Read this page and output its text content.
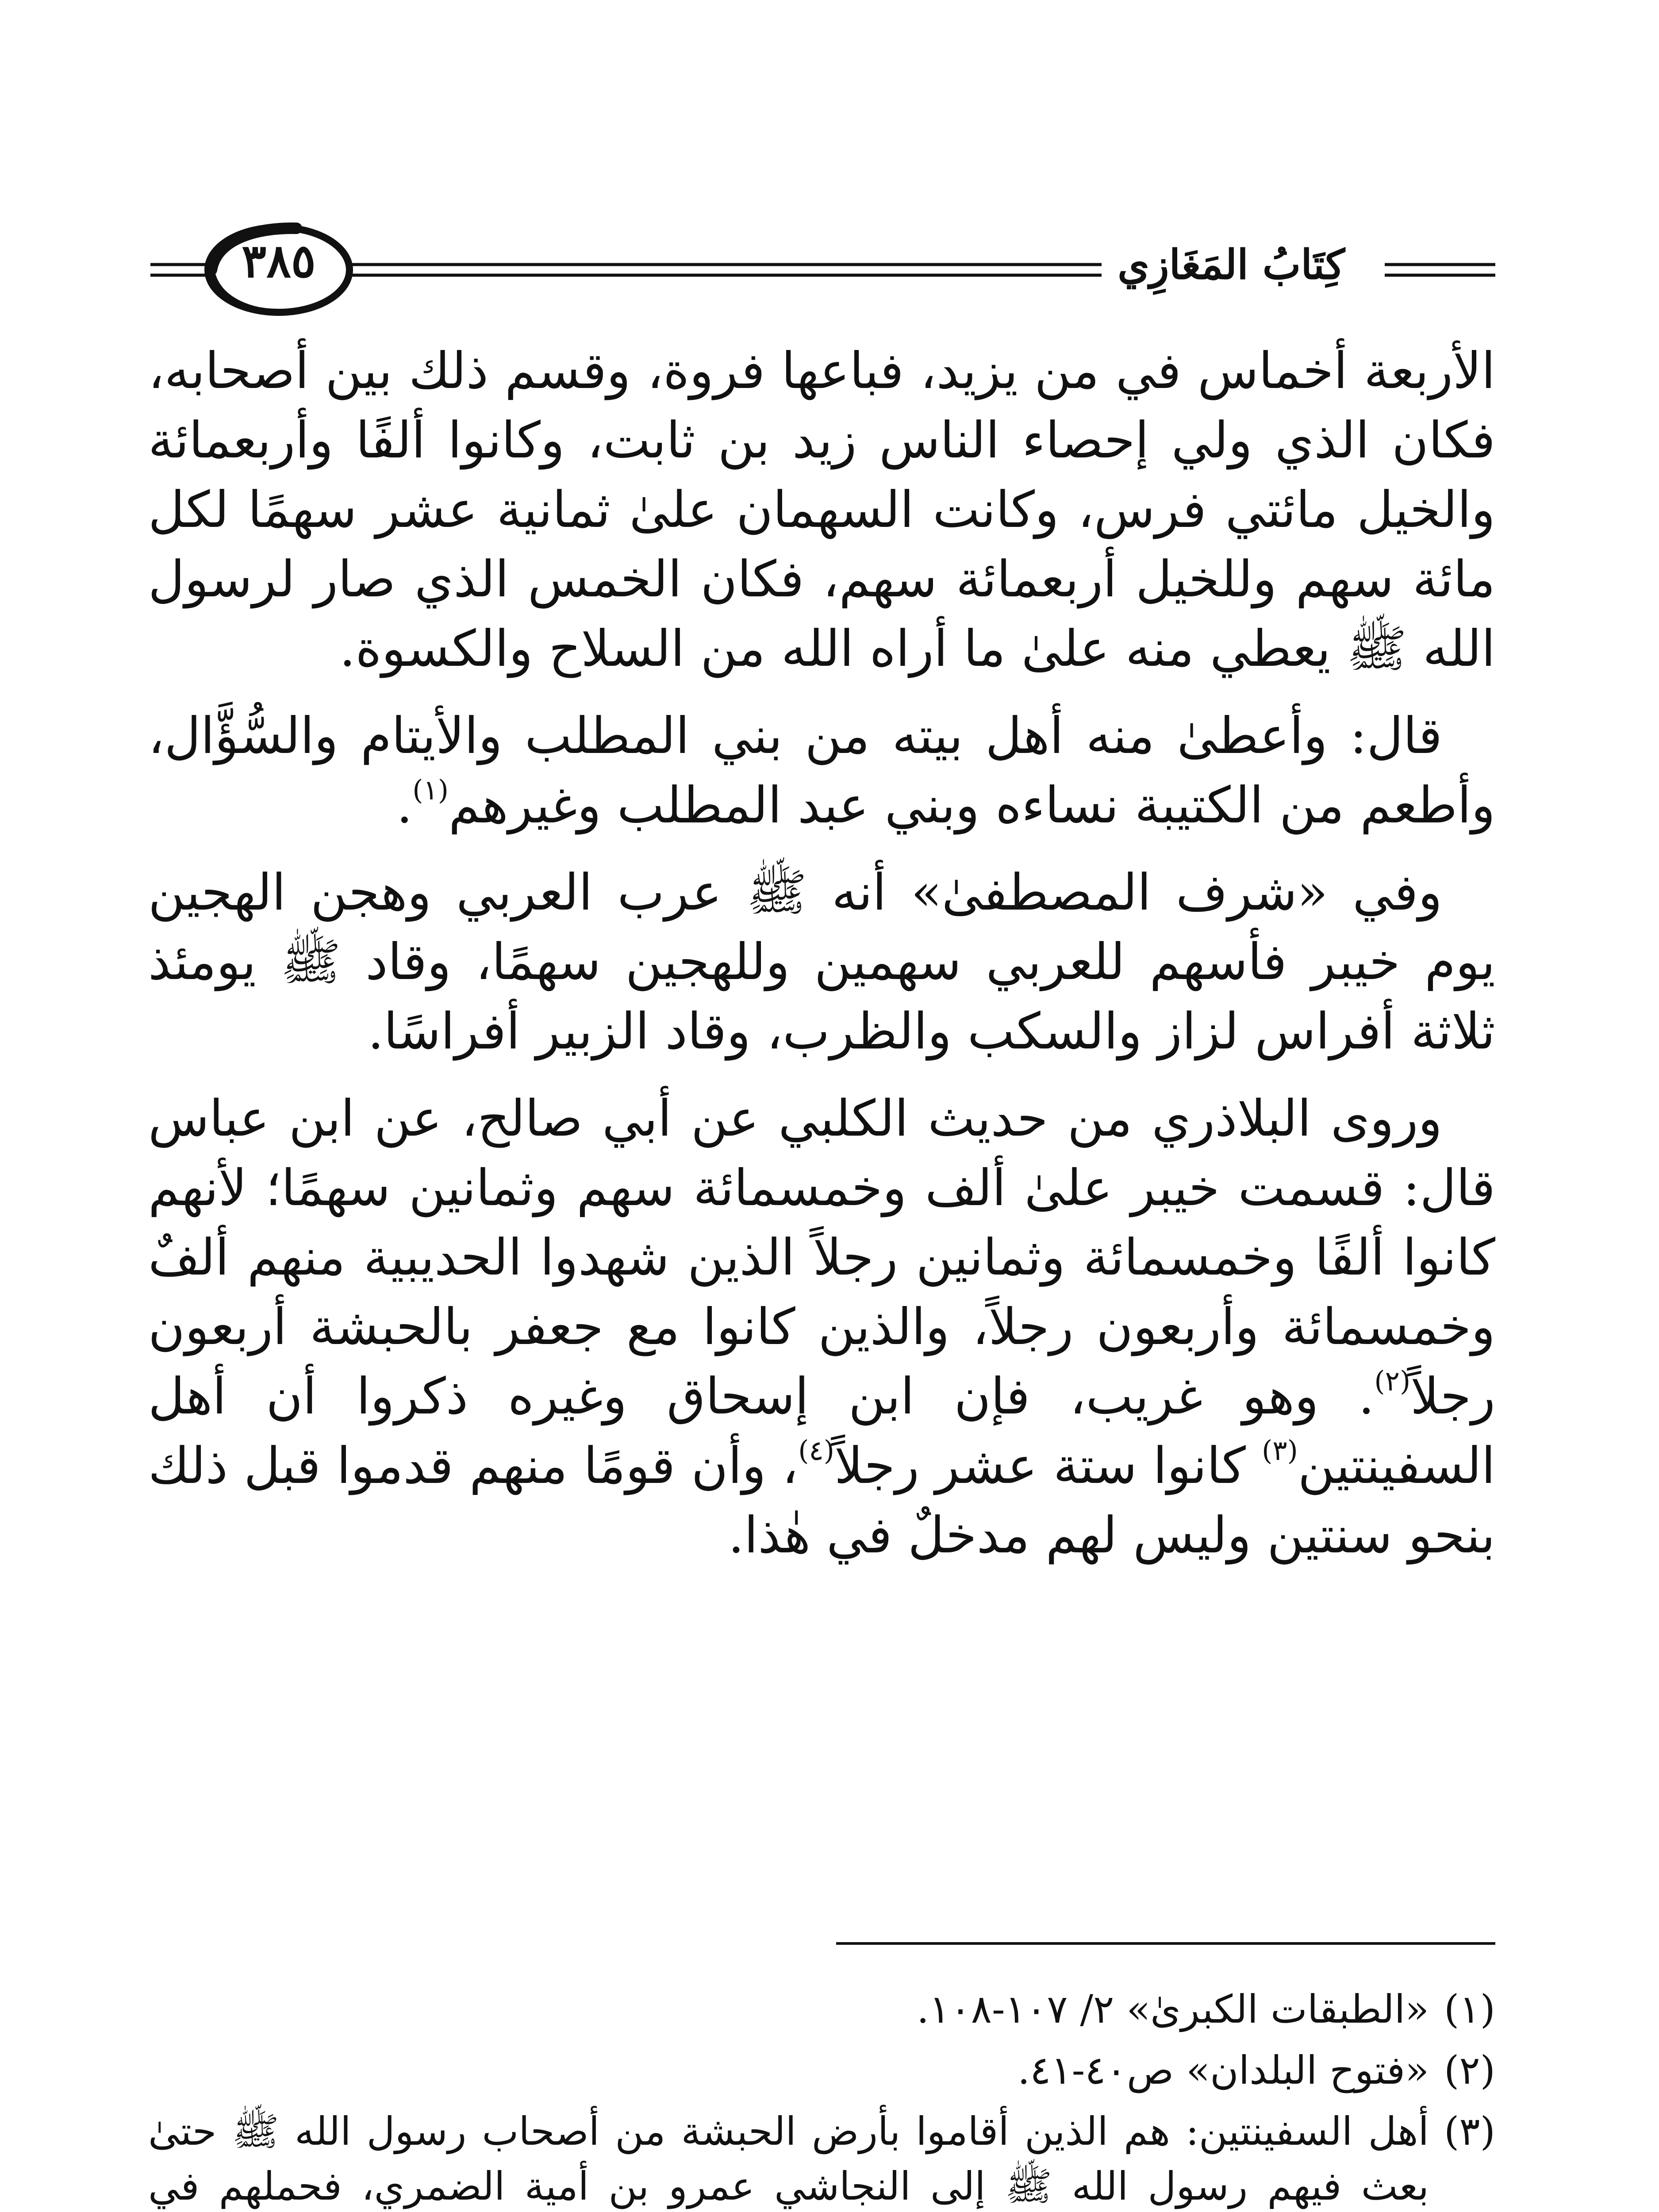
كِتَابُ المَغَازِي
٣٨٥

الأربعة أخماس في من يزيد، فباعها فروة، وقسم ذلك بين أصحابه، فكان الذي ولي إحصاء الناس زيد بن ثابت، وكانوا ألفًا وأربعمائة والخيل مائتي فرس، وكانت السهمان علىٰ ثمانية عشر سهمًا لكل مائة سهم وللخيل أربعمائة سهم، فكان الخمس الذي صار لرسول الله ﷺ يعطي منه علىٰ ما أراه الله من السلاح والكسوة.

قال: وأعطىٰ منه أهل بيته من بني المطلب والأيتام والسُّؤَّال، وأطعم من الكتيبة نساءه وبني عبد المطلب وغيرهم$^{(١)}$.

وفي «شرف المصطفىٰ» أنه ﷺ عرب العربي وهجن الهجين يوم خيبر فأسهم للعربي سهمين وللهجين سهمًا، وقاد ﷺ يومئذ ثلاثة أفراس لزاز والسكب والظرب، وقاد الزبير أفراسًا.

وروى البلاذري من حديث الكلبي عن أبي صالح، عن ابن عباس قال: قسمت خيبر علىٰ ألف وخمسمائة سهم وثمانين سهمًا؛ لأنهم كانوا ألفًا وخمسمائة وثمانين رجلاً الذين شهدوا الحديبية منهم ألفٌ وخمسمائة وأربعون رجلاً، والذين كانوا مع جعفر بالحبشة أربعون رجلاً$^{(٢)}$. وهو غريب، فإن ابن إسحاق وغيره ذكروا أن أهل السفينتين$^{(٣)}$ كانوا ستة عشر رجلاً$^{(٤)}$، وأن قومًا منهم قدموا قبل ذلك بنحو سنتين وليس لهم مدخلٌ في هٰذا.

(١)
«الطبقات الكبرىٰ» ٢/ ١٠٧-١٠٨.
(٢)
«فتوح البلدان» ص٤٠-٤١.
(٣)
أهل السفينتين: هم الذين أقاموا بأرض الحبشة من أصحاب رسول الله ﷺ حتىٰ بعث فيهم رسول الله ﷺ إلى النجاشي عمرو بن أمية الضمري، فحملهم في
